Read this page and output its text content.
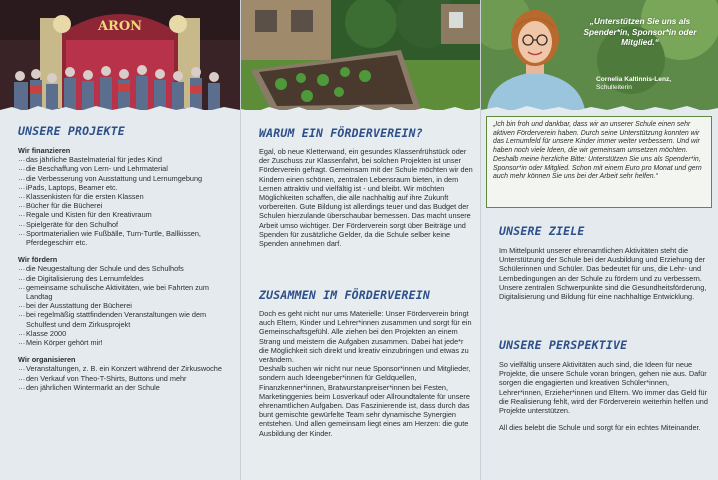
ARON
UNSERE PROJEKTE
Wir finanzieren
… das jährliche Bastelmaterial für jedes Kind
… die Beschaffung von Lern- und Lehrmaterial
… die Verbesserung von Ausstattung und Lernumgebung
… iPads, Laptops, Beamer etc.
… Klassenkisten für die ersten Klassen
… Bücher für die Bücherei
… Regale und Kisten für den Kreativraum
… Spielgeräte für den Schulhof
… Sportmaterialien wie Fußbälle, Turn-Turtle, Ballkissen, Pferdegeschirr etc.
Wir fördern
… die Neugestaltung der Schule und des Schulhofs
… die Digitalisierung des Lernumfeldes
… gemeinsame schulische Aktivitäten, wie bei Fahrten zum Landtag
… bei der Ausstattung der Bücherei
… bei regelmäßig stattfindenden Veranstaltungen wie dem Schulfest und dem Zirkusprojekt
… Klasse 2000
… Mein Körper gehört mir!
Wir organisieren
… Veranstaltungen, z. B. ein Konzert während der Zirkuswoche
… den Verkauf von Theo-T-Shirts, Buttons und mehr
… den jährlichen Wintermarkt an der Schule
WARUM EIN FÖRDERVEREIN?

Egal, ob neue Kletterwand, ein gesundes Klassenfrühstück oder der Zuschuss zur Klassenfahrt, bei solchen Projekten ist unser Förderverein gefragt. Gemeinsam mit der Schule möchten wir den Kindern einen schönen, zentralen Lebensraum bieten, in dem Lernen attraktiv und vielfältig ist - und bleibt. Wir möchten Möglichkeiten schaffen, die alle nachhaltig auf ihre Zukunft vorbereiten. Gute Bildung ist allerdings teuer und das Budget der Schulen hierzulande überschaubar bemessen. Das macht unsere Arbeit umso wichtiger. Der Förderverein sorgt über Beiträge und Spenden für zusätzliche Gelder, da die Schule selber keine Spenden annehmen darf.

ZUSAMMEN IM FÖRDERVEREIN

Doch es geht nicht nur ums Materielle: Unser Förderverein bringt auch Eltern, Kinder und Lehrer*innen zusammen und sorgt für ein Gemeinschaftsgefühl. Alle ziehen bei den Projekten an einem Strang und meistern die Aufgaben zusammen. Dabei hat jede*r die Möglichkeit sich direkt und kreativ einzubringen und etwas zu verändern.

Deshalb suchen wir nicht nur neue Sponsor*innen und Mitglieder, sondern auch Ideengeber*innen für Geldquellen, Finanzkenner*innen, Bratwurstanpreiser*innen bei Festen, Marketinggenies beim Losverkauf oder Allroundtalente für unsere ehrenamtlichen Aufgaben. Das Faszinierende ist, dass durch das bunt gemischte gewürfelte Team sehr dynamische Synergien entstehen. Und allen gemeinsam liegt eines am Herzen: die gute Ausbildung der Kinder.

„Unterstützen Sie uns als Spender*in, Sponsor*in oder Mitglied.“
Cornelia Kaltinnis-Lenz,
Schulleiterin
UNSERE ZIELE

Im Mittelpunkt unserer ehrenamtlichen Aktivitäten steht die Unterstützung der Schule bei der Ausbildung und Erziehung der Schülerinnen und Schüler. Das bedeutet für uns, die Lehr- und Lernbedingungen an der Schule zu fördern und zu verbessern. Unsere zentralen Schwerpunkte sind die Gesundheitsförderung, Digitalisierung und Bildung für eine nachhaltige Entwicklung.

UNSERE PERSPEKTIVE

So vielfältig unsere Aktivitäten auch sind, die Ideen für neue Projekte, die unsere Schule voran bringen, gehen nie aus. Dafür sorgen die engagierten und kreativen Schüler*innen, Lehrer*innen, Erzieher*innen und Eltern. Wo immer das Geld für die Realisierung fehlt, wird der Förderverein weiterhin helfen und Projekte unterstützen.

All dies belebt die Schule und sorgt für ein echtes Miteinander.

„Ich bin froh und dankbar, dass wir an unserer Schule einen sehr aktiven Förderverein haben. Durch seine Unterstützung konnten wir das Lernumfeld für unsere Kinder immer weiter verbessern. Und wir haben noch viele Ideen, die wir gemeinsam umsetzen möchten. Deshalb meine herzliche Bitte: Unterstützen Sie uns als Spender*in, Sponsor*in oder Mitglied. Schon mit einem Euro pro Monat und gern auch mehr können Sie uns bei der Arbeit sehr helfen.“
